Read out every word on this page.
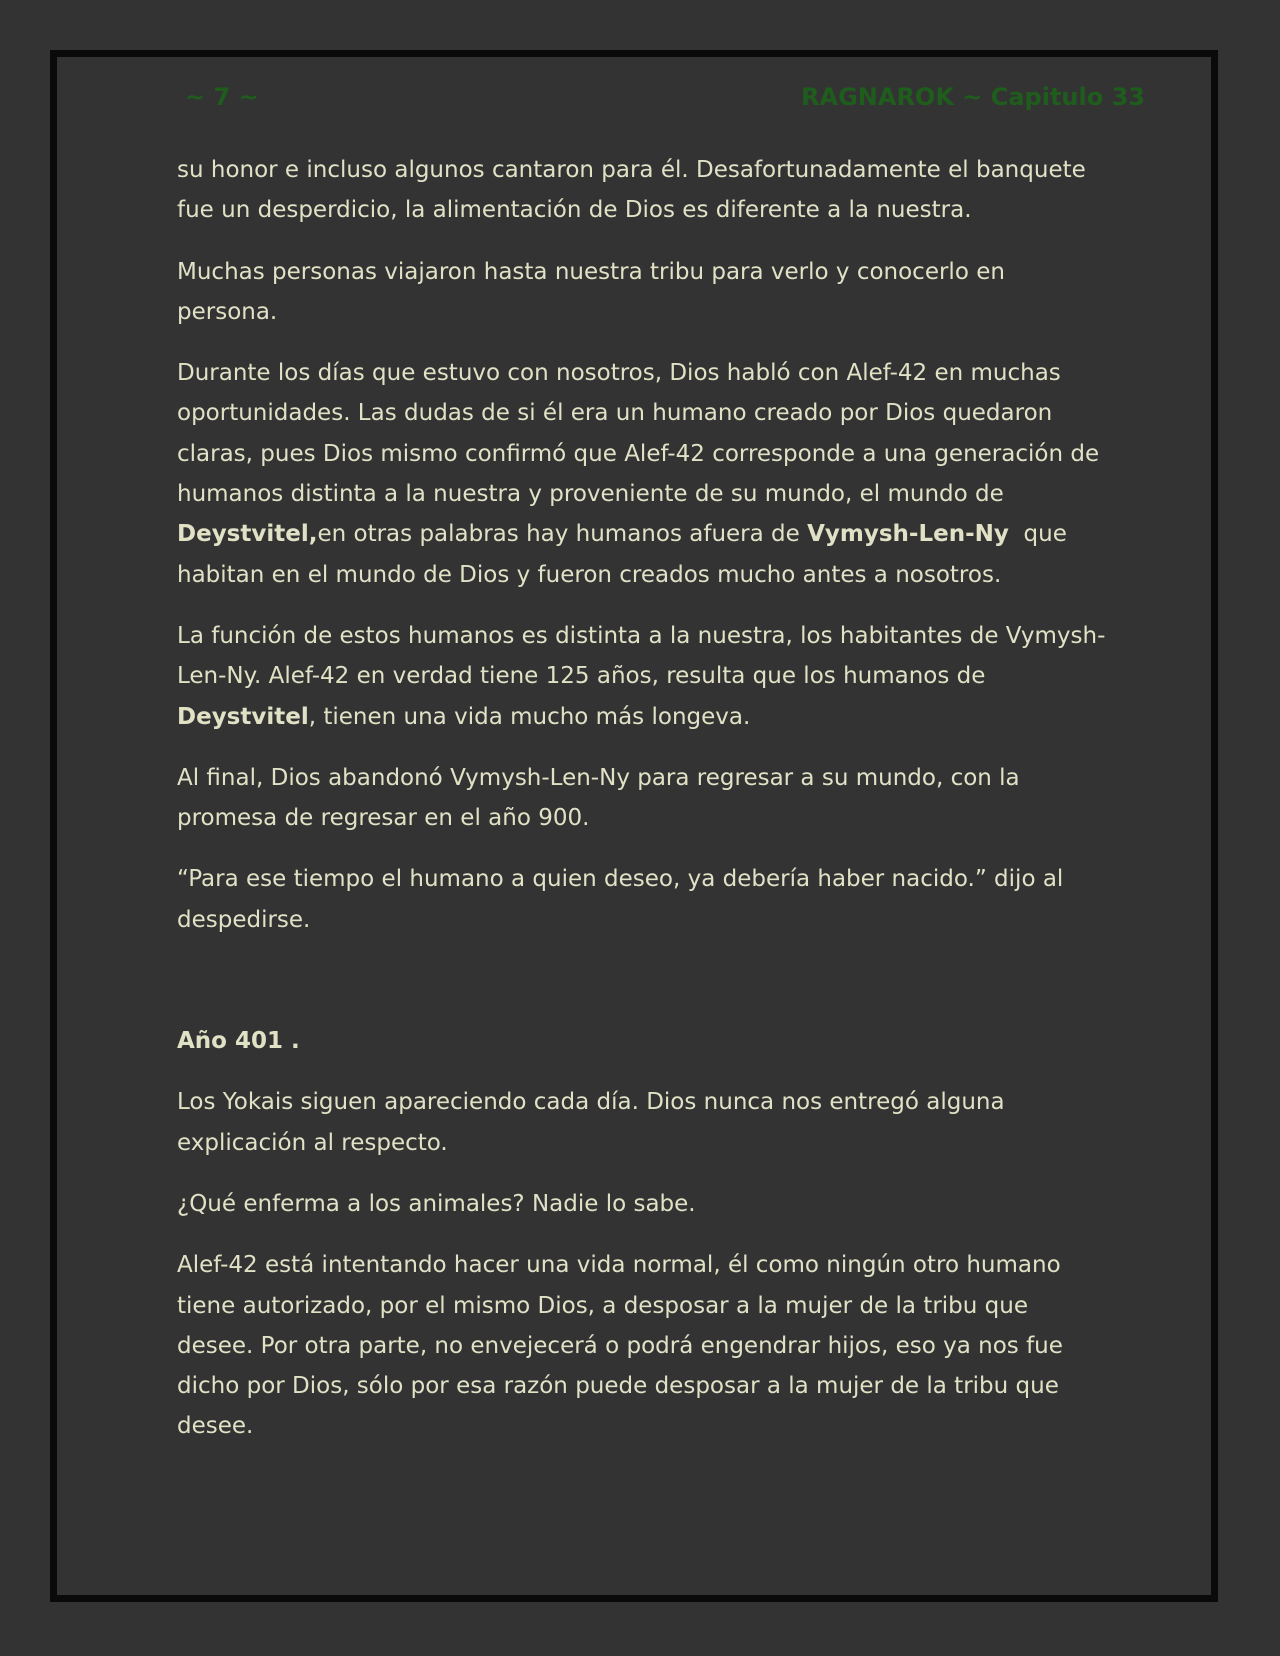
~ 7 ~	RAGNAROK ~ Capitulo 33

su honor e incluso algunos cantaron para él. Desafortunadamente el banquete fue un desperdicio, la alimentación de Dios es diferente a la nuestra.

Muchas personas viajaron hasta nuestra tribu para verlo y conocerlo en persona.

Durante los días que estuvo con nosotros, Dios habló con Alef-42 en muchas oportunidades. Las dudas de si él era un humano creado por Dios quedaron claras, pues Dios mismo confirmó que Alef-42 corresponde a una generación de humanos distinta a la nuestra y proveniente de su mundo, el mundo de Deystvitel,en otras palabras hay humanos afuera de Vymysh-Len-Ny  que habitan en el mundo de Dios y fueron creados mucho antes a nosotros.

La función de estos humanos es distinta a la nuestra, los habitantes de Vymysh-Len-Ny. Alef-42 en verdad tiene 125 años, resulta que los humanos de Deystvitel, tienen una vida mucho más longeva.

Al final, Dios abandonó Vymysh-Len-Ny para regresar a su mundo, con la promesa de regresar en el año 900.

“Para ese tiempo el humano a quien deseo, ya debería haber nacido.” dijo al despedirse.

Año 401 .

Los Yokais siguen apareciendo cada día. Dios nunca nos entregó alguna explicación al respecto.

¿Qué enferma a los animales? Nadie lo sabe.

Alef-42 está intentando hacer una vida normal, él como ningún otro humano tiene autorizado, por el mismo Dios, a desposar a la mujer de la tribu que desee. Por otra parte, no envejecerá o podrá engendrar hijos, eso ya nos fue dicho por Dios, sólo por esa razón puede desposar a la mujer de la tribu que desee.
